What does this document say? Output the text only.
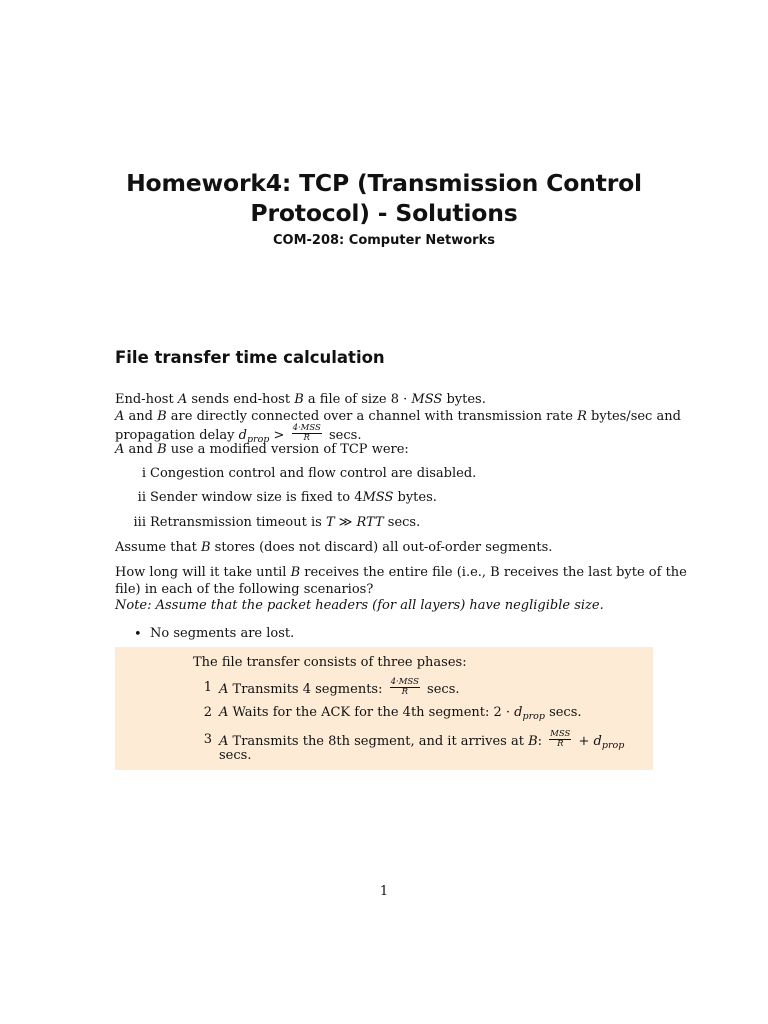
Homework4: TCP (Transmission Control
Protocol) - Solutions
COM-208: Computer Networks
File transfer time calculation
End-host A sends end-host B a file of size 8 · MSS bytes.
A and B are directly connected over a channel with transmission rate R bytes/sec and
propagation delay $d_{prop} > \frac{\text{4·MSS}}{R} \sec s$.
A and B use a modified version of TCP were:
i Congestion control and flow control are disabled.
ii Sender window size is fixed to 4MSS bytes.
iii Retransmission timeout is T ≫ RTT secs.
Assume that B stores (does not discard) all out-of-order segments.
How long will it take until B receives the entire file (i.e., B receives the last byte of the
file) in each of the following scenarios?
Note: Assume that the packet headers (for all layers) have negligible size.
• No segments are lost.
The file transfer consists of three phases:
1 A Transmits 4 segments: $\frac{\text{4·MSS}}{R} \sec s$.
2 A Waits for the ACK for the 4th segment: $2 \cdot d_{prop}$ secs.
3 A Transmits the 8th segment, and it arrives at B: $\frac{\text{MSS}}{R} + d_{prop}$
secs.
1
